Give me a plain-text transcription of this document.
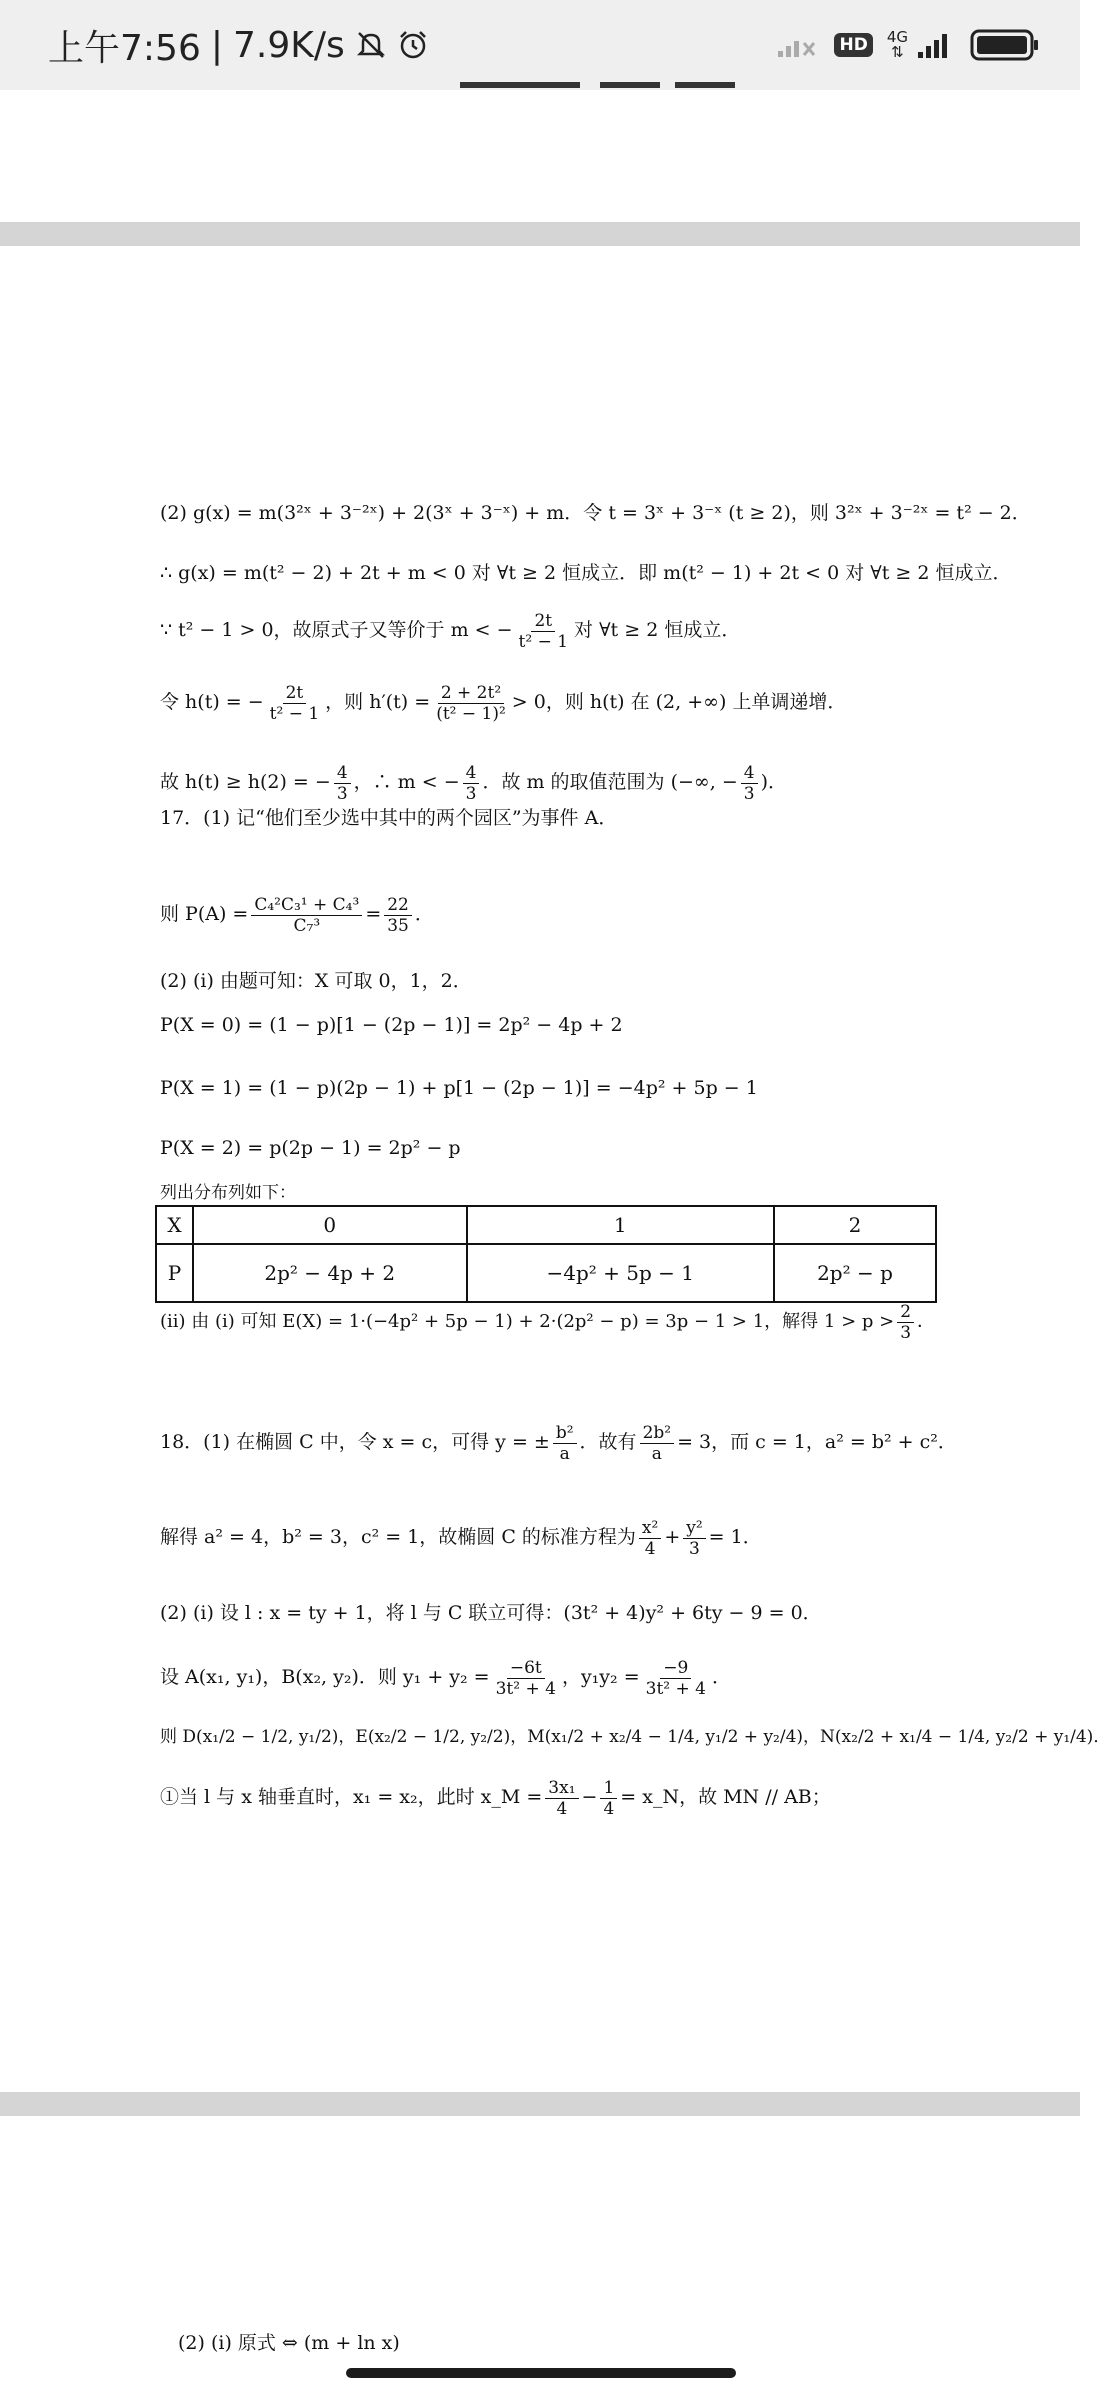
上午7:56 | 7.9K/s	HD	4G
⇅
(2) g(x) = m(3²ˣ + 3⁻²ˣ) + 2(3ˣ + 3⁻ˣ) + m．令 t = 3ˣ + 3⁻ˣ (t ≥ 2)，则 3²ˣ + 3⁻²ˣ = t² − 2．
∴ g(x) = m(t² − 2) + 2t + m < 0 对 ∀t ≥ 2 恒成立．即 m(t² − 1) + 2t < 0 对 ∀t ≥ 2 恒成立．
∵ t² − 1 > 0，故原式子又等价于 m < − $\frac{2t}{\text{t² − 1}}$ 对 ∀t ≥ 2 恒成立．
令 h(t) = − $\frac{2t}{\text{t² − 1}}$ ，则 $h'(t) = \frac{\text{2 + 2t²}}{\text{(t² − 1)²}} > 0$，则 h(t) 在 (2, +∞) 上单调递增．
故 h(t) ≥ h(2) = − $\frac{4}{3}$ ，∴ m < − $\frac{4}{3}$ ．故 m 的取值范围为 (−∞, − $\frac{4}{3}$ )．
17．(1) 记“他们至少选中其中的两个园区”为事件 A．
则 $P(A) = \frac{\text{C₄²C₃¹ + C₄³}}{\text{C₇³}} = \frac{22}{35}$ ．
(2) (i) 由题可知：X 可取 0，1，2．
P(X = 0) = (1 − p)[1 − (2p − 1)] = 2p² − 4p + 2
P(X = 1) = (1 − p)(2p − 1) + p[1 − (2p − 1)] = −4p² + 5p − 1
P(X = 2) = p(2p − 1) = 2p² − p
列出分布列如下：
X	0	1	2
P	2p² − 4p + 2	−4p² + 5p − 1	2p² − p
(ii) 由 (i) 可知 E(X) = 1·(−4p² + 5p − 1) + 2·(2p² − p) = 3p − 1 > 1，解得 $1 > p > \frac{2}{3}$ ．
18．(1) 在椭圆 C 中，令 x = c，可得 y = ± $\frac{\text{b²}}{a}$ ．故有 $\frac{\text{2b²}}{a} = 3$，而 c = 1，a² = b² + c²．
解得 a² = 4，b² = 3，c² = 1，故椭圆 C 的标准方程为 $\frac{\text{x²}}{4} + \frac{\text{y²}}{3} = 1$．
(2) (i) 设 l : x = ty + 1，将 l 与 C 联立可得：(3t² + 4)y² + 6ty − 9 = 0．
设 A(x₁, y₁)，B(x₂, y₂)．则 $y_1 + y_2 = \frac{-6t}{\text{3t² + 4}}$ ，$y_1y_2 = \frac{-9}{\text{3t² + 4}}$ ．
则 D(x₁/2 − 1/2, y₁/2)，E(x₂/2 − 1/2, y₂/2)，M(x₁/2 + x₂/4 − 1/4, y₁/2 + y₂/4)，N(x₂/2 + x₁/4 − 1/4, y₂/2 + y₁/4)．
①当 l 与 x 轴垂直时，x₁ = x₂，此时 x_M = $\frac{\text{3x₁}}{4} - \frac{1}{4}$ = x_N，故 MN // AB；
(2) (i) 原式 ⇔ (m + ln x)
